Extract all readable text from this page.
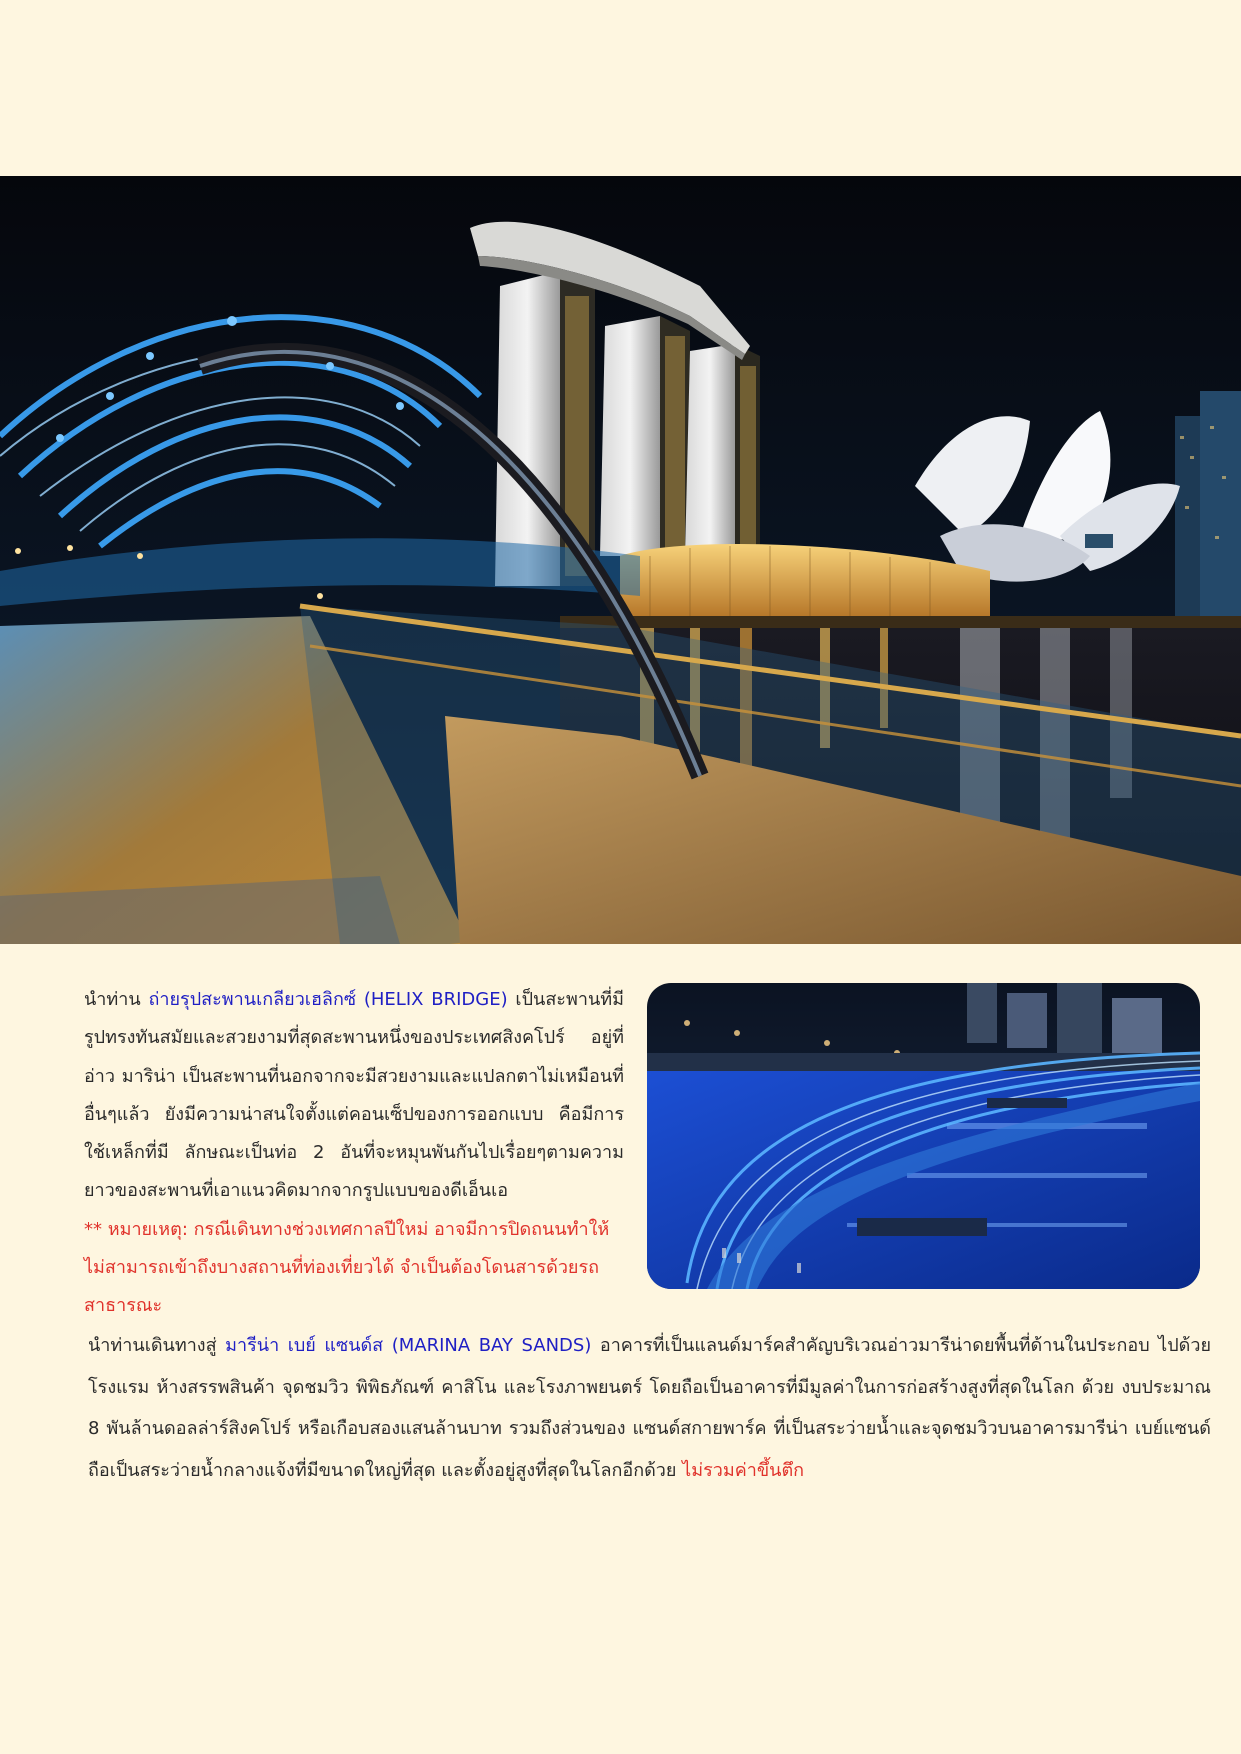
นำท่าน ถ่ายรุปสะพานเกลียวเฮลิกซ์ (HELIX BRIDGE) เป็นสะพานที่มีรูปทรงทันสมัยและสวยงามที่สุดสะพานหนึ่งของประเทศสิงคโปร์ อยู่ที่อ่าว มาริน่า เป็นสะพานที่นอกจากจะมีสวยงามและแปลกตาไม่เหมือนที่อื่นๆแล้ว ยังมีความน่าสนใจตั้งแต่คอนเซ็ปของการออกแบบ คือมีการใช้เหล็กที่มี ลักษณะเป็นท่อ 2 อันที่จะหมุนพันกันไปเรื่อยๆตามความยาวของสะพานที่เอาแนวคิดมากจากรูปแบบของดีเอ็นเอ
** หมายเหตุ: กรณีเดินทางช่วงเทศกาลปีใหม่ อาจมีการปิดถนนทำให้ไม่สามารถเข้าถึงบางสถานที่ท่องเที่ยวได้ จำเป็นต้องโดนสารด้วยรถสาธารณะ

นำท่านเดินทางสู่ มารีน่า เบย์ แซนด์ส (MARINA BAY SANDS) อาคารที่เป็นแลนด์มาร์คสำคัญบริเวณอ่าวมารีน่าดยพื้นที่ด้านในประกอบ ไปด้วย โรงแรม ห้างสรรพสินค้า จุดชมวิว พิพิธภัณฑ์ คาสิโน และโรงภาพยนตร์ โดยถือเป็นอาคารที่มีมูลค่าในการก่อสร้างสูงที่สุดในโลก ด้วย งบประมาณ 8 พันล้านดอลล่าร์สิงคโปร์ หรือเกือบสองแสนล้านบาท รวมถึงส่วนของ แซนด์สกายพาร์ค ที่เป็นสระว่ายน้ำและจุดชมวิวบนอาคารมารีน่า เบย์แซนด์ ถือเป็นสระว่ายน้ำกลางแจ้งที่มีขนาดใหญ่ที่สุด และตั้งอยู่สูงที่สุดในโลกอีกด้วย ไม่รวมค่าขึ้นตึก
